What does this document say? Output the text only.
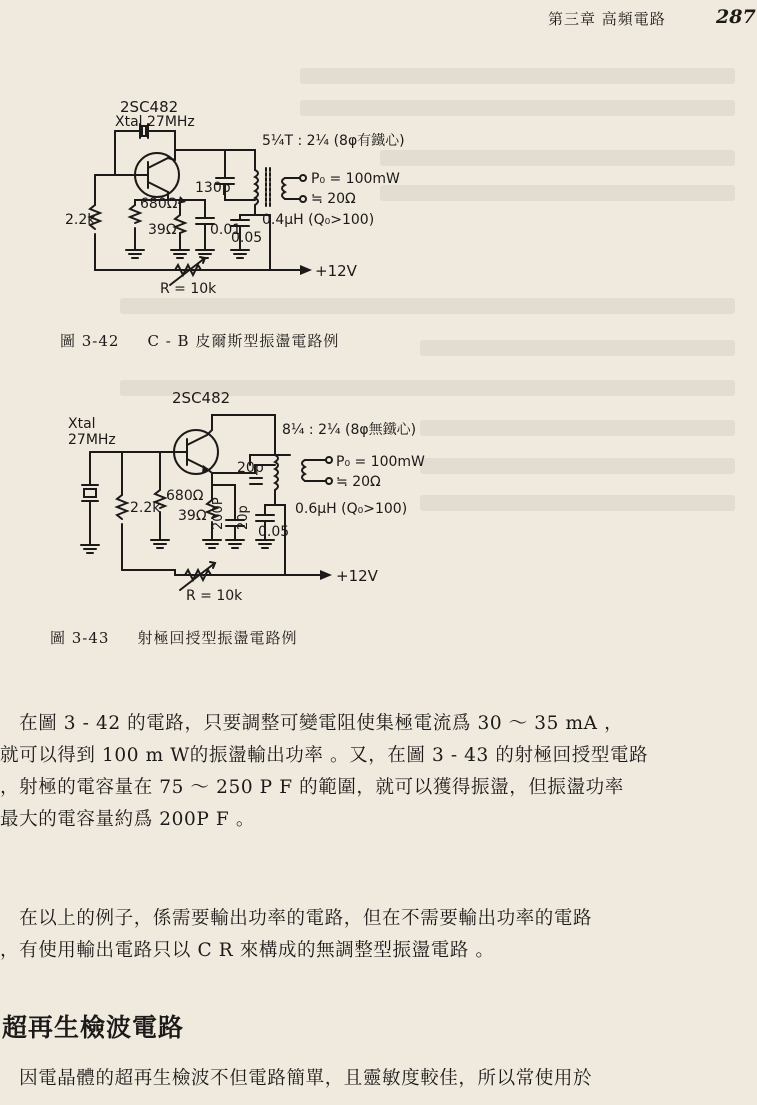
第三章 高頻電路	287
2SC482
Xtal 27MHz
5¼T : 2¼ (8φ有鐵心)
130p
2.2k
680Ω
39Ω 0.01
0.05
0.4μH (Q₀>100)
P₀ = 100mW
≒ 20Ω
R = 10k
+12V
圖 3-42 C - B 皮爾斯型振盪電路例
2SC482
Xtal
27MHz
8¼ : 2¼ (8φ無鐵心)
20p
2.2k
680Ω
39Ω 200P 20p
0.05
0.6μH (Q₀>100)
P₀ = 100mW
≒ 20Ω
R = 10k
+12V
圖 3-43 射極回授型振盪電路例
　在圖 3 - 42 的電路，只要調整可變電阻使集極電流爲 30 ～ 35 mA ，
就可以得到 100 m W的振盪輸出功率 。又，在圖 3 - 43 的射極回授型電路
，射極的電容量在 75 ～ 250 P F 的範圍，就可以獲得振盪，但振盪功率
最大的電容量約爲 200P F 。
　在以上的例子，係需要輸出功率的電路，但在不需要輸出功率的電路
，有使用輸出電路只以 C R 來構成的無調整型振盪電路 。
超再生檢波電路
　因電晶體的超再生檢波不但電路簡單，且靈敏度較佳，所以常使用於
